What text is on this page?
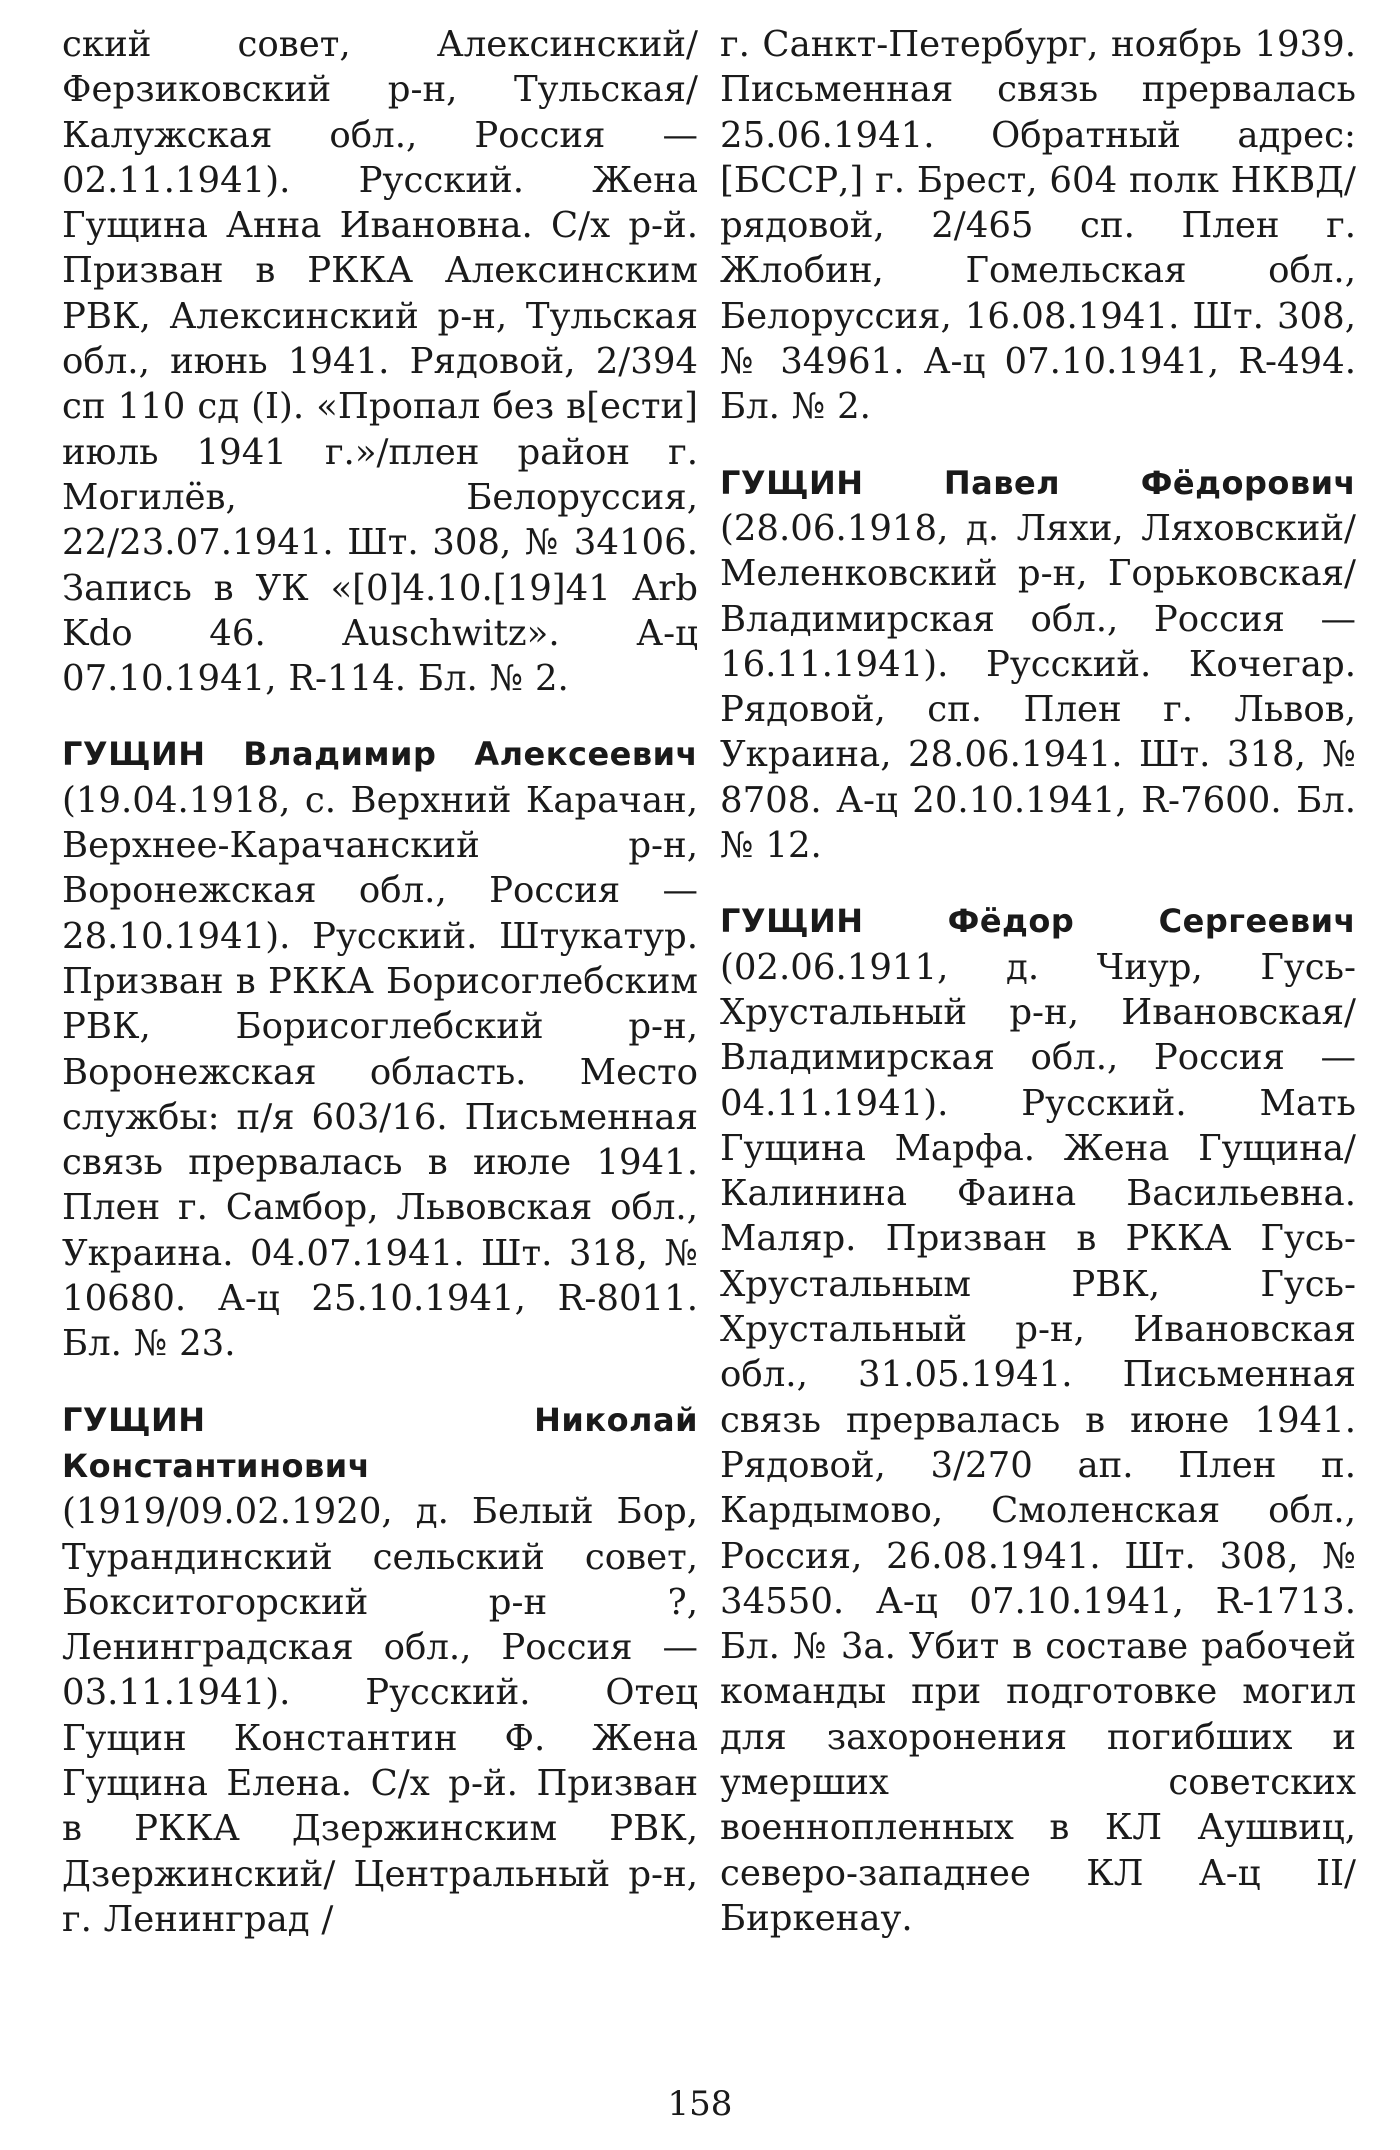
ский совет, Алексинский/ Ферзиковский р-н, Тульская/ Калужская обл., Россия — 02.11.1941). Русский. Жена Гущина Анна Ивановна. С/х р-й. Призван в РККА Алексинским РВК, Алексинский р-н, Тульская обл., июнь 1941. Рядовой, 2/394 сп 110 сд (I). «Пропал без в[ести] июль 1941 г.»/плен район г. Могилёв, Белоруссия, 22/23.07.1941. Шт. 308, № 34106. Запись в УК «[0]4.10.[19]41 Arb Kdo 46. Auschwitz». А-ц 07.10.1941, R-114. Бл. № 2.

ГУЩИН Владимир Алексеевич (19.04.1918, с. Верхний Карачан, Верхнее-Карачанский р-н, Воронежская обл., Россия — 28.10.1941). Русский. Штукатур. Призван в РККА Борисоглебским РВК, Борисоглебский р-н, Воронежская область. Место службы: п/я 603/16. Письменная связь прервалась в июле 1941. Плен г. Самбор, Львовская обл., Украина. 04.07.1941. Шт. 318, № 10680. А-ц 25.10.1941, R-8011. Бл. № 23.

ГУЩИН	Николай Константинович (1919/09.02.1920, д. Белый Бор, Турандинский сельский совет, Бокситогорский р-н ?, Ленинградская обл., Россия — 03.11.1941). Русский. Отец Гущин Константин Ф. Жена Гущина Елена. С/х р-й. Призван в РККА Дзержинским РВК, Дзержинский/ Центральный р-н, г. Ленинград /

г. Санкт-Петербург, ноябрь 1939. Письменная связь прервалась 25.06.1941. Обратный адрес: [БССР,] г. Брест, 604 полк НКВД/рядовой, 2/465 сп. Плен г. Жлобин, Гомельская обл., Белоруссия, 16.08.1941. Шт. 308, № 34961. А-ц 07.10.1941, R-494. Бл. № 2.

ГУЩИН	Павел Фёдорович (28.06.1918, д. Ляхи, Ляховский/Меленковский р-н, Горьковская/Владимирская обл., Россия — 16.11.1941). Русский. Кочегар. Рядовой, сп. Плен г. Львов, Украина, 28.06.1941. Шт. 318, № 8708. А-ц 20.10.1941, R-7600. Бл. № 12.

ГУЩИН	Фёдор Сергеевич (02.06.1911, д. Чиур, Гусь-Хрустальный р-н, Ивановская/ Владимирская обл., Россия — 04.11.1941). Русский. Мать Гущина Марфа. Жена Гущина/ Калинина Фаина Васильевна. Маляр. Призван в РККА Гусь-Хрустальным РВК, Гусь-Хрустальный р-н, Ивановская обл., 31.05.1941. Письменная связь прервалась в июне 1941. Рядовой, 3/270 ап. Плен п. Кардымово, Смоленская обл., Россия, 26.08.1941. Шт. 308, № 34550. А-ц 07.10.1941, R-1713. Бл. № 3а. Убит в составе рабочей команды при подготовке могил для захоронения погибших и умерших советских военнопленных в КЛ Аушвиц, северо-западнее КЛ А-ц II/Биркенау.

158
